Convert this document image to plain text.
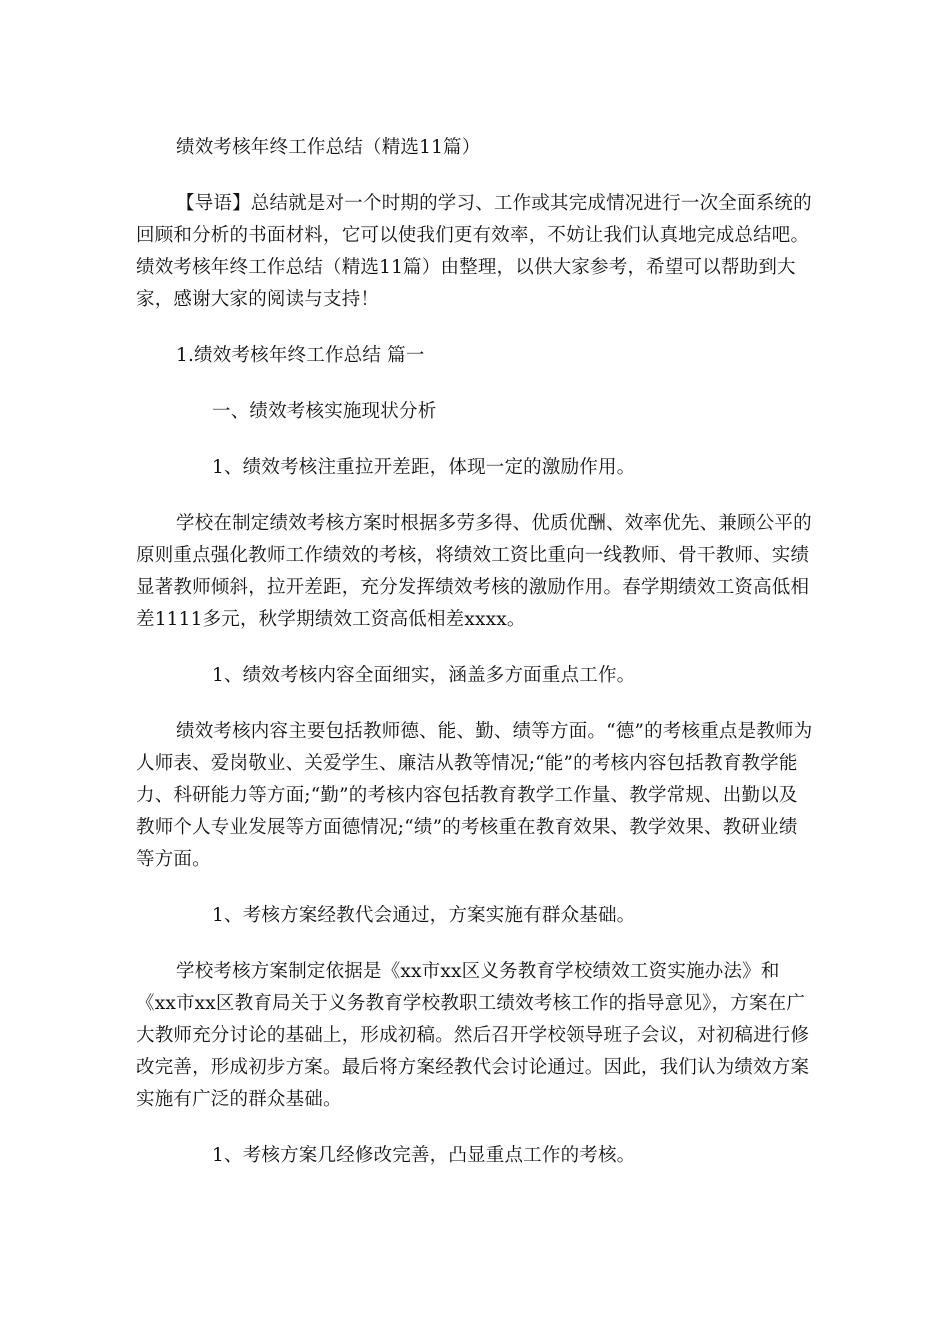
绩效考核年终工作总结（精选11篇）

【导语】总结就是对一个时期的学习、工作或其完成情况进行一次全面系统的回顾和分析的书面材料，它可以使我们更有效率，不妨让我们认真地完成总结吧。绩效考核年终工作总结（精选11篇）由整理，以供大家参考，希望可以帮助到大家，感谢大家的阅读与支持！

1.绩效考核年终工作总结 篇一

一、绩效考核实施现状分析

1、绩效考核注重拉开差距，体现一定的激励作用。

学校在制定绩效考核方案时根据多劳多得、优质优酬、效率优先、兼顾公平的原则重点强化教师工作绩效的考核，将绩效工资比重向一线教师、骨干教师、实绩显著教师倾斜，拉开差距，充分发挥绩效考核的激励作用。春学期绩效工资高低相差1111多元，秋学期绩效工资高低相差xxxx。

1、绩效考核内容全面细实，涵盖多方面重点工作。

绩效考核内容主要包括教师德、能、勤、绩等方面。“德”的考核重点是教师为人师表、爱岗敬业、关爱学生、廉洁从教等情况;“能”的考核内容包括教育教学能力、科研能力等方面;“勤”的考核内容包括教育教学工作量、教学常规、出勤以及教师个人专业发展等方面德情况;“绩”的考核重在教育效果、教学效果、教研业绩等方面。

1、考核方案经教代会通过，方案实施有群众基础。

学校考核方案制定依据是《xx市xx区义务教育学校绩效工资实施办法》和《xx市xx区教育局关于义务教育学校教职工绩效考核工作的指导意见》，方案在广大教师充分讨论的基础上，形成初稿。然后召开学校领导班子会议，对初稿进行修改完善，形成初步方案。最后将方案经教代会讨论通过。因此，我们认为绩效方案实施有广泛的群众基础。

1、考核方案几经修改完善，凸显重点工作的考核。
